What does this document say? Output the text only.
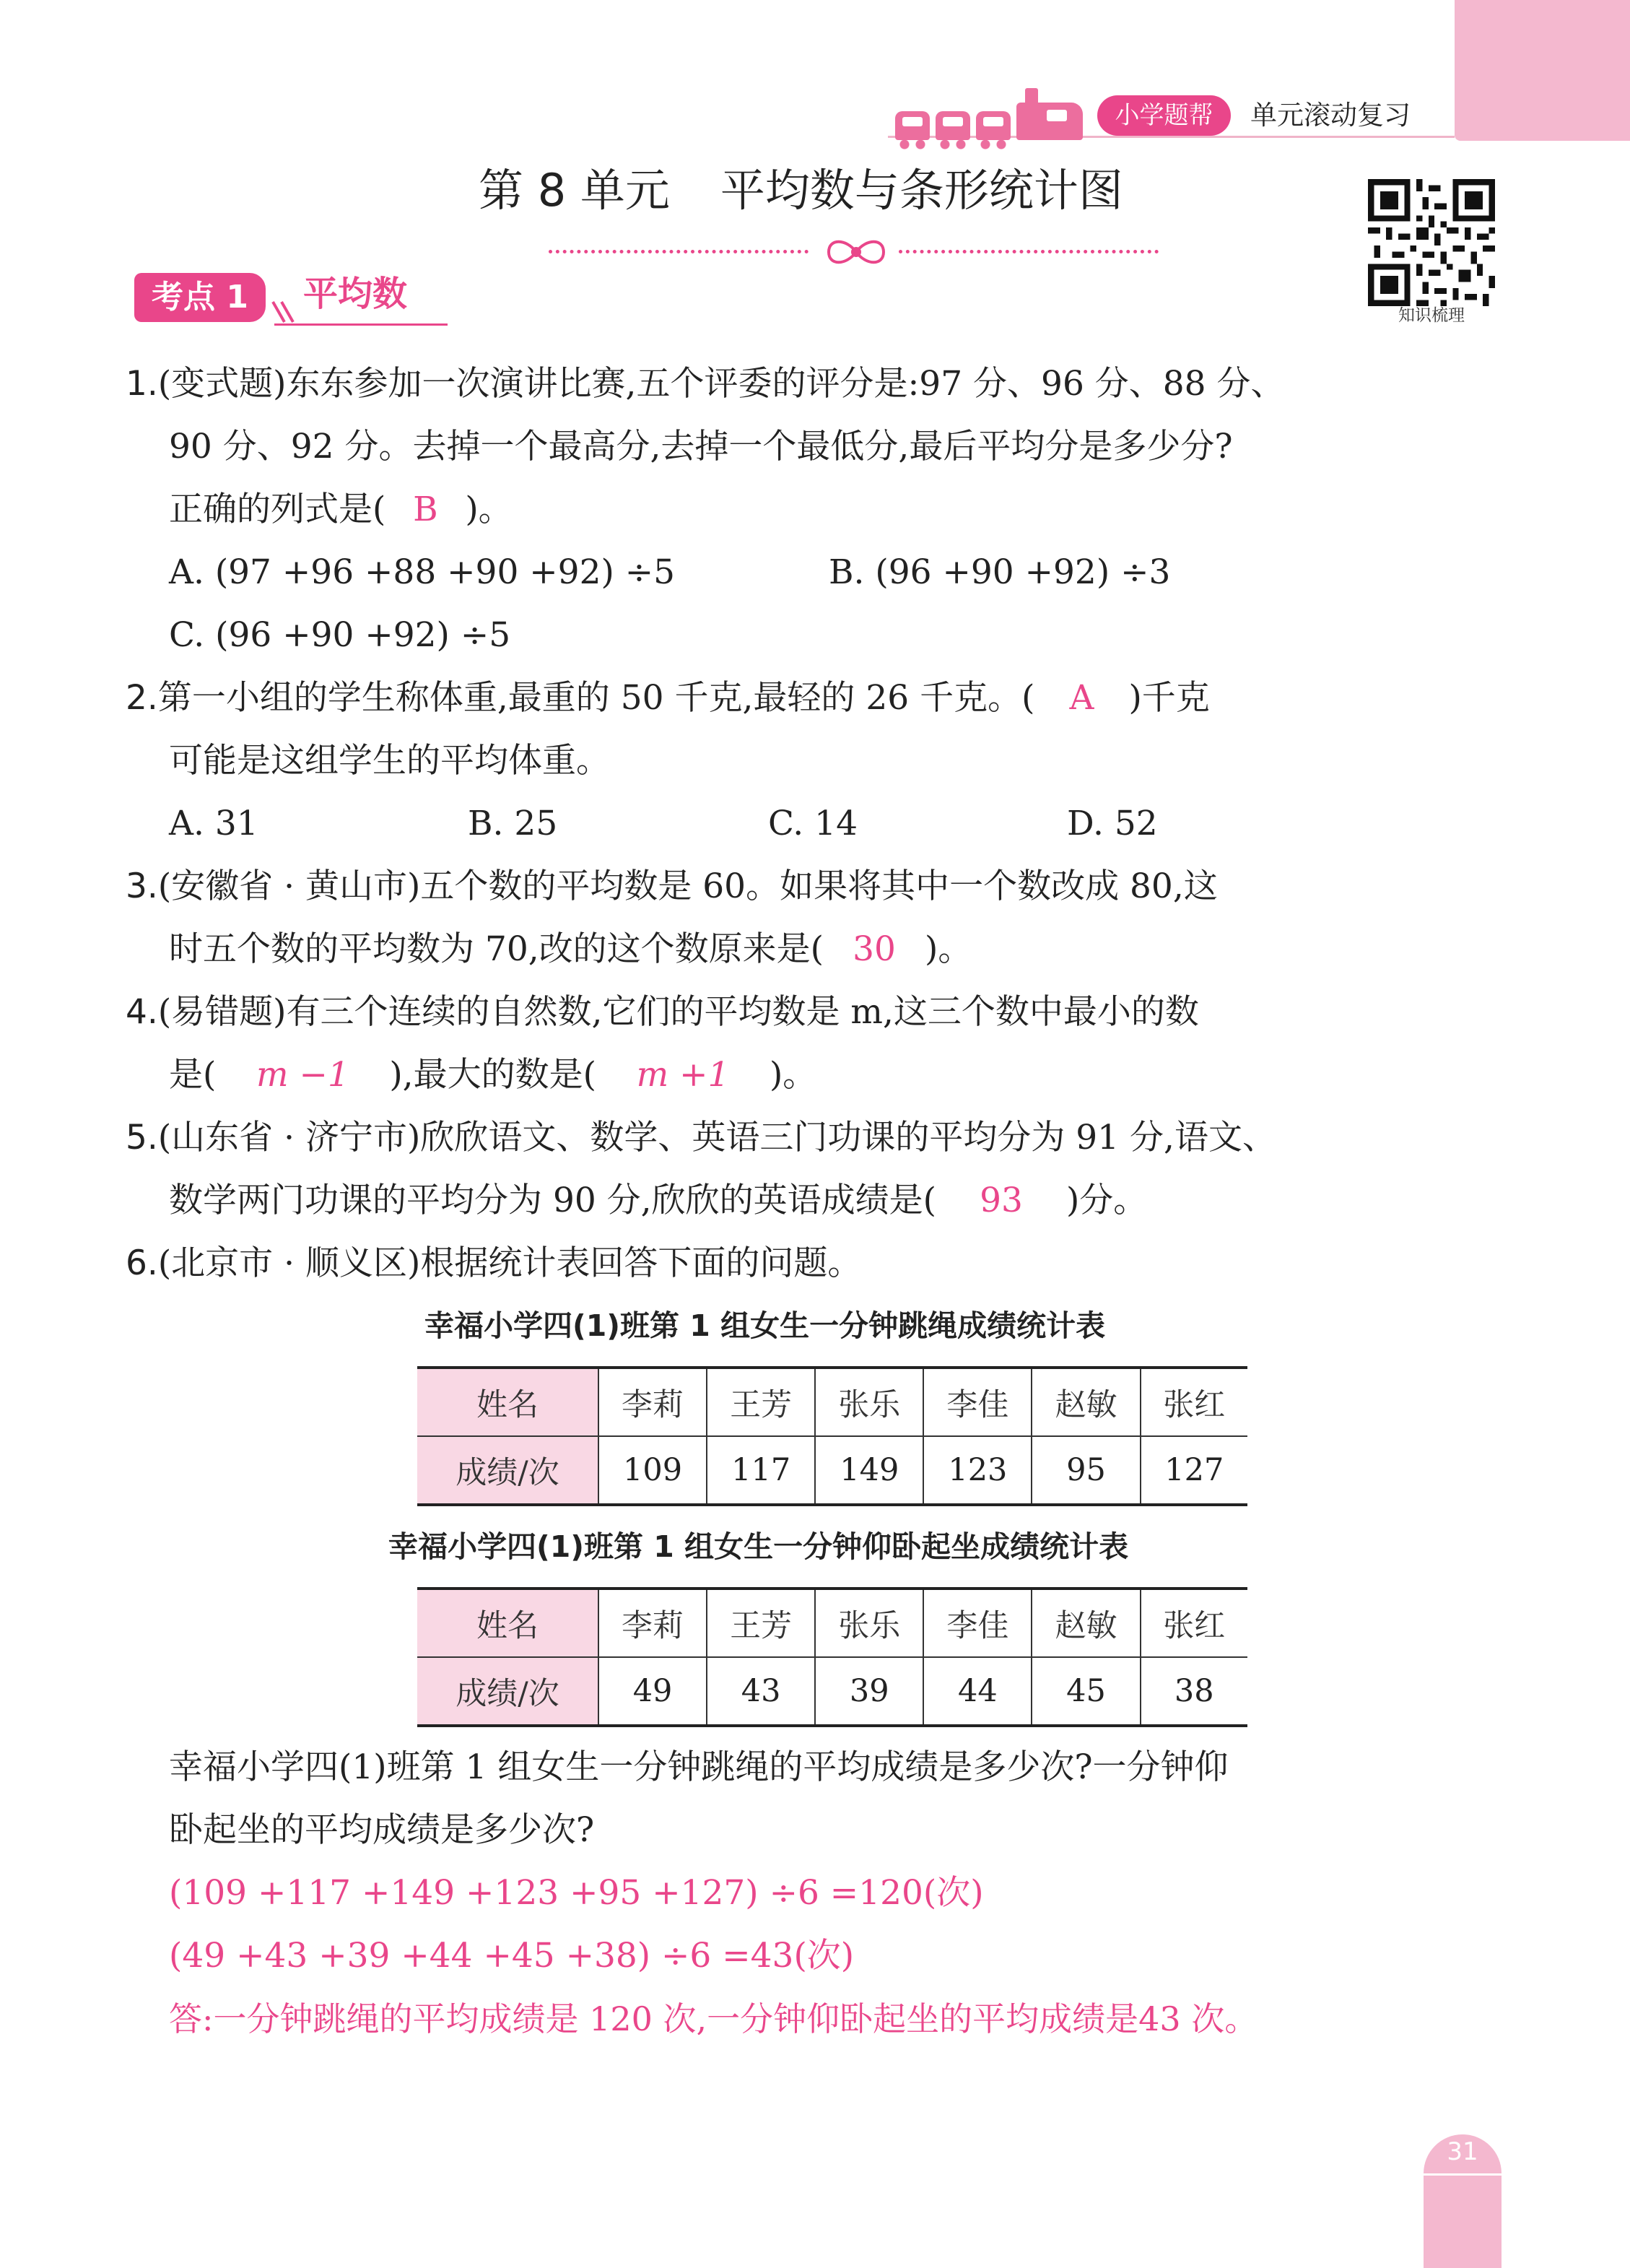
小学题帮	单元滚动复习
第 8 单元 平均数与条形统计图
知识梳理
考点 1	平均数
1.(变式题)东东参加一次演讲比赛,五个评委的评分是:97 分、96 分、88 分、
90 分、92 分。去掉一个最高分,去掉一个最低分,最后平均分是多少分?
正确的列式是( B )。
A. (97 +96 +88 +90 +92) ÷5	B. (96 +90 +92) ÷3
C. (96 +90 +92) ÷5
2.第一小组的学生称体重,最重的 50 千克,最轻的 26 千克。( A )千克
可能是这组学生的平均体重。
A. 31	B. 25	C. 14	D. 52
3.(安徽省 · 黄山市)五个数的平均数是 60。如果将其中一个数改成 80,这
时五个数的平均数为 70,改的这个数原来是( 30 )。
4.(易错题)有三个连续的自然数,它们的平均数是 m,这三个数中最小的数
是( m −1 ),最大的数是( m +1 )。
5.(山东省 · 济宁市)欣欣语文、数学、英语三门功课的平均分为 91 分,语文、
数学两门功课的平均分为 90 分,欣欣的英语成绩是( 93 )分。
6.(北京市 · 顺义区)根据统计表回答下面的问题。
幸福小学四(1)班第 1 组女生一分钟跳绳成绩统计表
姓名	李莉	王芳	张乐	李佳	赵敏	张红
成绩/次	109	117	149	123	95	127
幸福小学四(1)班第 1 组女生一分钟仰卧起坐成绩统计表
姓名	李莉	王芳	张乐	李佳	赵敏	张红
成绩/次	49	43	39	44	45	38
幸福小学四(1)班第 1 组女生一分钟跳绳的平均成绩是多少次?一分钟仰
卧起坐的平均成绩是多少次?
(109 +117 +149 +123 +95 +127) ÷6 =120(次)
(49 +43 +39 +44 +45 +38) ÷6 =43(次)
答:一分钟跳绳的平均成绩是 120 次,一分钟仰卧起坐的平均成绩是43 次。
31
